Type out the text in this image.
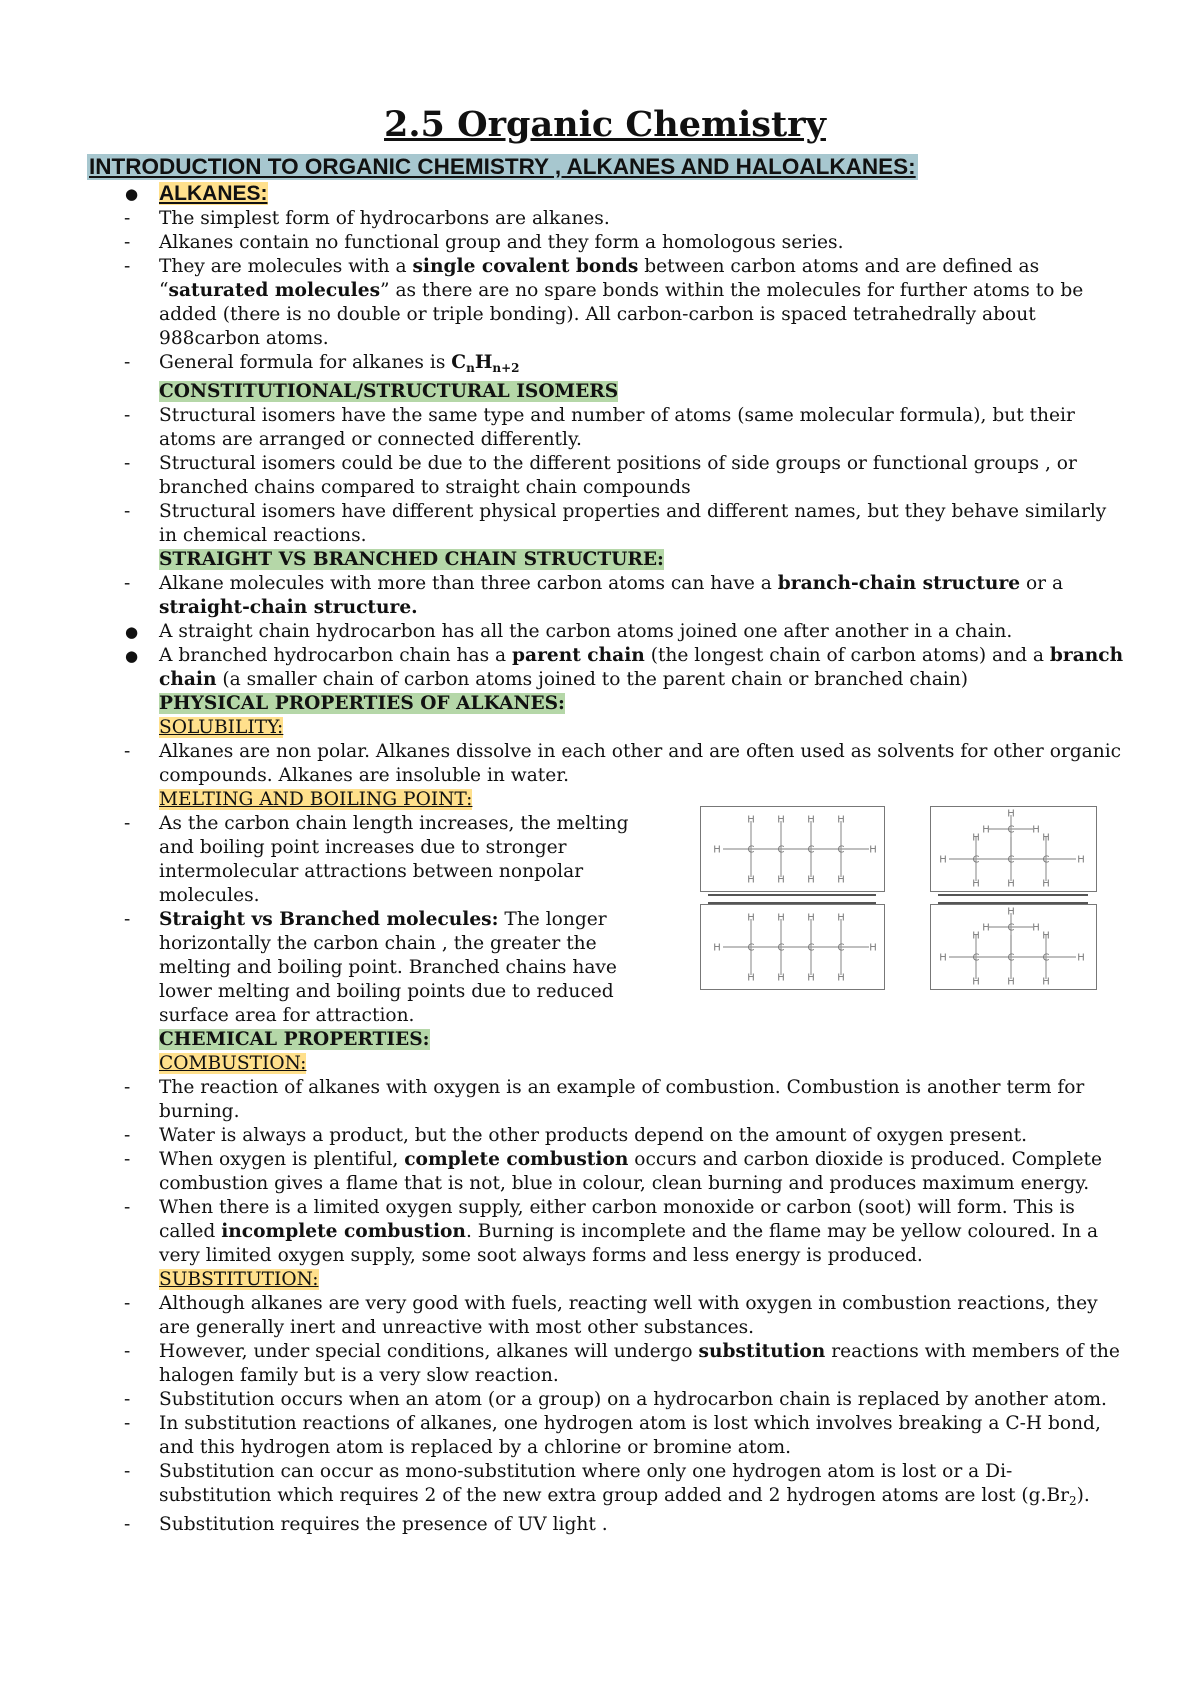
2.5 Organic Chemistry
INTRODUCTION TO ORGANIC CHEMISTRY , ALKANES AND HALOALKANES:
● ALKANES:
-	The simplest form of hydrocarbons are alkanes.
-	Alkanes contain no functional group and they form a homologous series.
-	They are molecules with a single covalent bonds between carbon atoms and are defined as “saturated molecules” as there are no spare bonds within the molecules for further atoms to be added (there is no double or triple bonding). All carbon-carbon is spaced tetrahedrally about 988carbon atoms.
-	General formula for alkanes is $C_nH_{n+2}$
CONSTITUTIONAL/STRUCTURAL ISOMERS
-	Structural isomers have the same type and number of atoms (same molecular formula), but their atoms are arranged or connected differently.
-	Structural isomers could be due to the different positions of side groups or functional groups , or branched chains compared to straight chain compounds
-	Structural isomers have different physical properties and different names, but they behave similarly in chemical reactions.
STRAIGHT VS BRANCHED CHAIN STRUCTURE:
-	Alkane molecules with more than three carbon atoms can have a branch-chain structure or a straight-chain structure.
●	A straight chain hydrocarbon has all the carbon atoms joined one after another in a chain.
●	A branched hydrocarbon chain has a parent chain (the longest chain of carbon atoms) and a branch chain (a smaller chain of carbon atoms joined to the parent chain or branched chain)
PHYSICAL PROPERTIES OF ALKANES:
SOLUBILITY:
-	Alkanes are non polar. Alkanes dissolve in each other and are often used as solvents for other organic compounds. Alkanes are insoluble in water.
MELTING AND BOILING POINT:
-	As the carbon chain length increases, the melting and boiling point increases due to stronger intermolecular attractions between nonpolar molecules.
-	Straight vs Branched molecules: The longer horizontally the carbon chain , the greater the melting and boiling point. Branched chains have lower melting and boiling points due to reduced surface area for attraction.
CHEMICAL PROPERTIES:
COMBUSTION:
-	The reaction of alkanes with oxygen is an example of combustion. Combustion is another term for burning.
-	Water is always a product, but the other products depend on the amount of oxygen present.
-	When oxygen is plentiful, complete combustion occurs and carbon dioxide is produced. Complete combustion gives a flame that is not, blue in colour, clean burning and produces maximum energy.
-	When there is a limited oxygen supply, either carbon monoxide or carbon (soot) will form. This is called incomplete combustion. Burning is incomplete and the flame may be yellow coloured. In a very limited oxygen supply, some soot always forms and less energy is produced.
SUBSTITUTION:
-	Although alkanes are very good with fuels, reacting well with oxygen in combustion reactions, they are generally inert and unreactive with most other substances.
-	However, under special conditions, alkanes will undergo substitution reactions with members of the halogen family but is a very slow reaction.
-	Substitution occurs when an atom (or a group) on a hydrocarbon chain is replaced by another atom.
-	In substitution reactions of alkanes, one hydrogen atom is lost which involves breaking a C-H bond, and this hydrogen atom is replaced by a chlorine or bromine atom.
-	Substitution can occur as mono-substitution where only one hydrogen atom is lost or a Di-substitution which requires 2 of the new extra group added and 2 hydrogen atoms are lost $(g.Br_2)$.
-	Substitution requires the presence of UV light .
H	H
C
H
H
C
H
H
C
H
H
C
H
H
H	H
C
H
H
C
H
H
C
H
H
C
H
H
H	H
C
H
C
H
C
H
H	H
C
H
H	H
H	H
C
H
C
H
C
H
H	H
C
H
H	H
